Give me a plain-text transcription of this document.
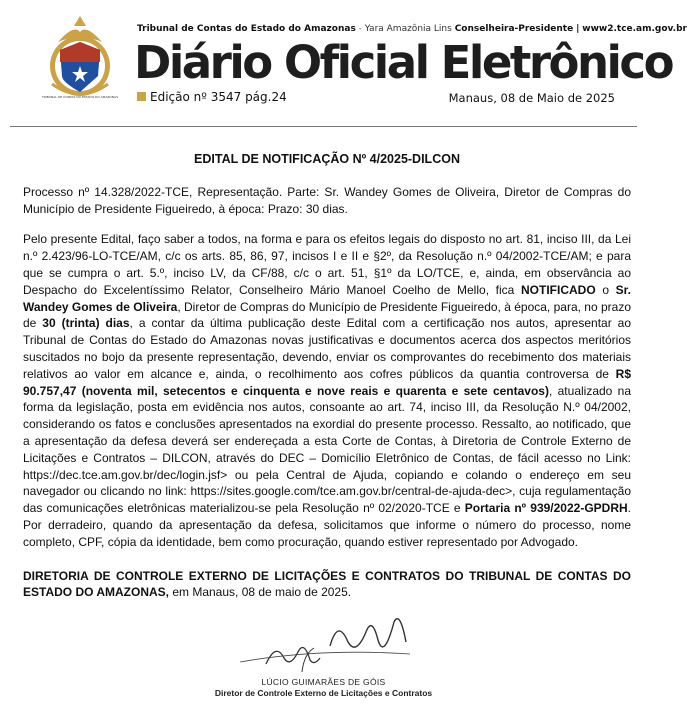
TRIBUNAL DE CONTAS DO ESTADO DO AMAZONAS
Tribunal de Contas do Estado do Amazonas - Yara Amazônia Lins Conselheira-Presidente | www2.tce.am.gov.br
Diário Oficial Eletrônico
Edição nº 3547 pág.24	Manaus, 08 de Maio de 2025
EDITAL DE NOTIFICAÇÃO Nº 4/2025-DILCON

Processo nº 14.328/2022-TCE, Representação. Parte: Sr. Wandey Gomes de Oliveira, Diretor de Compras do Município de Presidente Figueiredo, à época: Prazo: 30 dias.

Pelo presente Edital, faço saber a todos, na forma e para os efeitos legais do disposto no art. 81, inciso III, da Lei n.º 2.423/96-LO-TCE/AM, c/c os arts. 85, 86, 97, incisos I e II e §2º, da Resolução n.º 04/2002-TCE/AM; e para que se cumpra o art. 5.º, inciso LV, da CF/88, c/c o art. 51, §1º da LO/TCE, e, ainda, em observância ao Despacho do Excelentíssimo Relator, Conselheiro Mário Manoel Coelho de Mello, fica NOTIFICADO o Sr. Wandey Gomes de Oliveira, Diretor de Compras do Município de Presidente Figueiredo, à época, para, no prazo de 30 (trinta) dias, a contar da última publicação deste Edital com a certificação nos autos, apresentar ao Tribunal de Contas do Estado do Amazonas novas justificativas e documentos acerca dos aspectos meritórios suscitados no bojo da presente representação, devendo, enviar os comprovantes do recebimento dos materiais relativos ao valor em alcance e, ainda, o recolhimento aos cofres públicos da quantia controversa de R$ 90.757,47 (noventa mil, setecentos e cinquenta e nove reais e quarenta e sete centavos), atualizado na forma da legislação, posta em evidência nos autos, consoante ao art. 74, inciso III, da Resolução N.º 04/2002, considerando os fatos e conclusões apresentados na exordial do presente processo. Ressalto, ao notificado, que a apresentação da defesa deverá ser endereçada a esta Corte de Contas, à Diretoria de Controle Externo de Licitações e Contratos – DILCON, através do DEC – Domicílio Eletrônico de Contas, de fácil acesso no Link: https://dec.tce.am.gov.br/dec/login.jsf> ou pela Central de Ajuda, copiando e colando o endereço em seu navegador ou clicando no link: https://sites.google.com/tce.am.gov.br/central-de-ajuda-dec>, cuja regulamentação das comunicações eletrônicas materializou-se pela Resolução nº 02/2020-TCE e Portaria nº 939/2022-GPDRH. Por derradeiro, quando da apresentação da defesa, solicitamos que informe o número do processo, nome completo, CPF, cópia da identidade, bem como procuração, quando estiver representado por Advogado.

DIRETORIA DE CONTROLE EXTERNO DE LICITAÇÕES E CONTRATOS DO TRIBUNAL DE CONTAS DO ESTADO DO AMAZONAS, em Manaus, 08 de maio de 2025.

LÚCIO GUIMARÃES DE GÓIS
Diretor de Controle Externo de Licitações e Contratos
